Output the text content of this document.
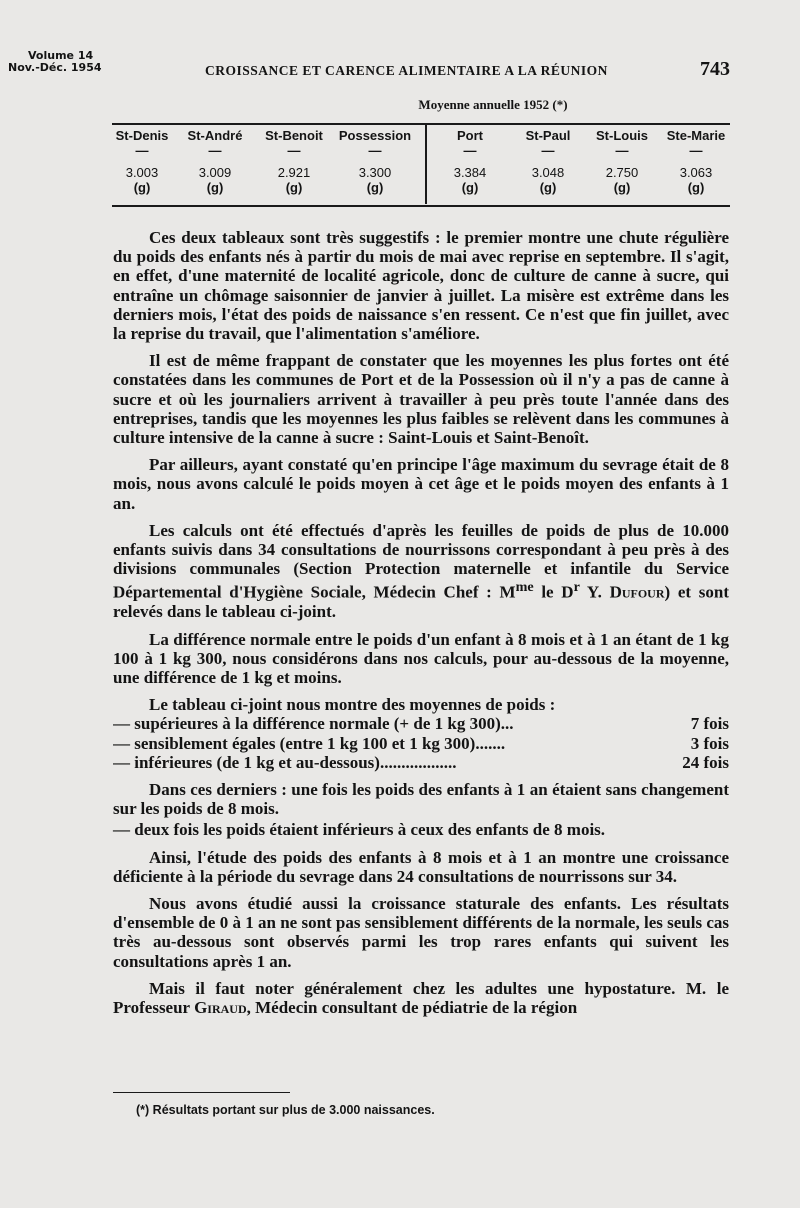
Volume 14
Nov.-Déc. 1954	CROISSANCE ET CARENCE ALIMENTAIRE A LA RÉUNION	743
Moyenne annuelle 1952 (*)
St-Denis	St-André	St-Benoit	Possession	Port	St-Paul	St-Louis	Ste-Marie
—	—	—	—	—	—	—	—
3.003	3.009	2.921	3.300	3.384	3.048	2.750	3.063
(g)	(g)	(g)	(g)	(g)	(g)	(g)	(g)

Ces deux tableaux sont très suggestifs : le premier montre une chute régulière du poids des enfants nés à partir du mois de mai avec reprise en septembre. Il s'agit, en effet, d'une maternité de localité agricole, donc de culture de canne à sucre, qui entraîne un chômage saisonnier de janvier à juillet. La misère est extrême dans les derniers mois, l'état des poids de naissance s'en ressent. Ce n'est que fin juillet, avec la reprise du travail, que l'alimentation s'améliore.

Il est de même frappant de constater que les moyennes les plus fortes ont été constatées dans les communes de Port et de la Possession où il n'y a pas de canne à sucre et où les journaliers arrivent à travailler à peu près toute l'année dans des entreprises, tandis que les moyennes les plus faibles se relèvent dans les communes à culture intensive de la canne à sucre : Saint-Louis et Saint-Benoît.

Par ailleurs, ayant constaté qu'en principe l'âge maximum du sevrage était de 8 mois, nous avons calculé le poids moyen à cet âge et le poids moyen des enfants à 1 an.

Les calculs ont été effectués d'après les feuilles de poids de plus de 10.000 enfants suivis dans 34 consultations de nourrissons correspondant à peu près à des divisions communales (Section Protection maternelle et infantile du Service Départemental d'Hygiène Sociale, Médecin Chef : $M^{me}$ le $D^r$ Y. Dufour) et sont relevés dans le tableau ci-joint.

La différence normale entre le poids d'un enfant à 8 mois et à 1 an étant de 1 kg 100 à 1 kg 300, nous considérons dans nos calculs, pour au-dessous de la moyenne, une différence de 1 kg et moins.

Le tableau ci-joint nous montre des moyennes de poids :

— supérieures à la différence normale (+ de 1 kg 300)...	7 fois
— sensiblement égales (entre 1 kg 100 et 1 kg 300).......	3 fois
— inférieures (de 1 kg et au-dessous)..................	24 fois

Dans ces derniers : une fois les poids des enfants à 1 an étaient sans changement sur les poids de 8 mois.

— deux fois les poids étaient inférieurs à ceux des enfants de 8 mois.

Ainsi, l'étude des poids des enfants à 8 mois et à 1 an montre une croissance déficiente à la période du sevrage dans 24 consultations de nourrissons sur 34.

Nous avons étudié aussi la croissance staturale des enfants. Les résultats d'ensemble de 0 à 1 an ne sont pas sensiblement différents de la normale, les seuls cas très au-dessous sont observés parmi les trop rares enfants qui suivent les consultations après 1 an.

Mais il faut noter généralement chez les adultes une hypostature. M. le Professeur Giraud, Médecin consultant de pédiatrie de la région

(*) Résultats portant sur plus de 3.000 naissances.
